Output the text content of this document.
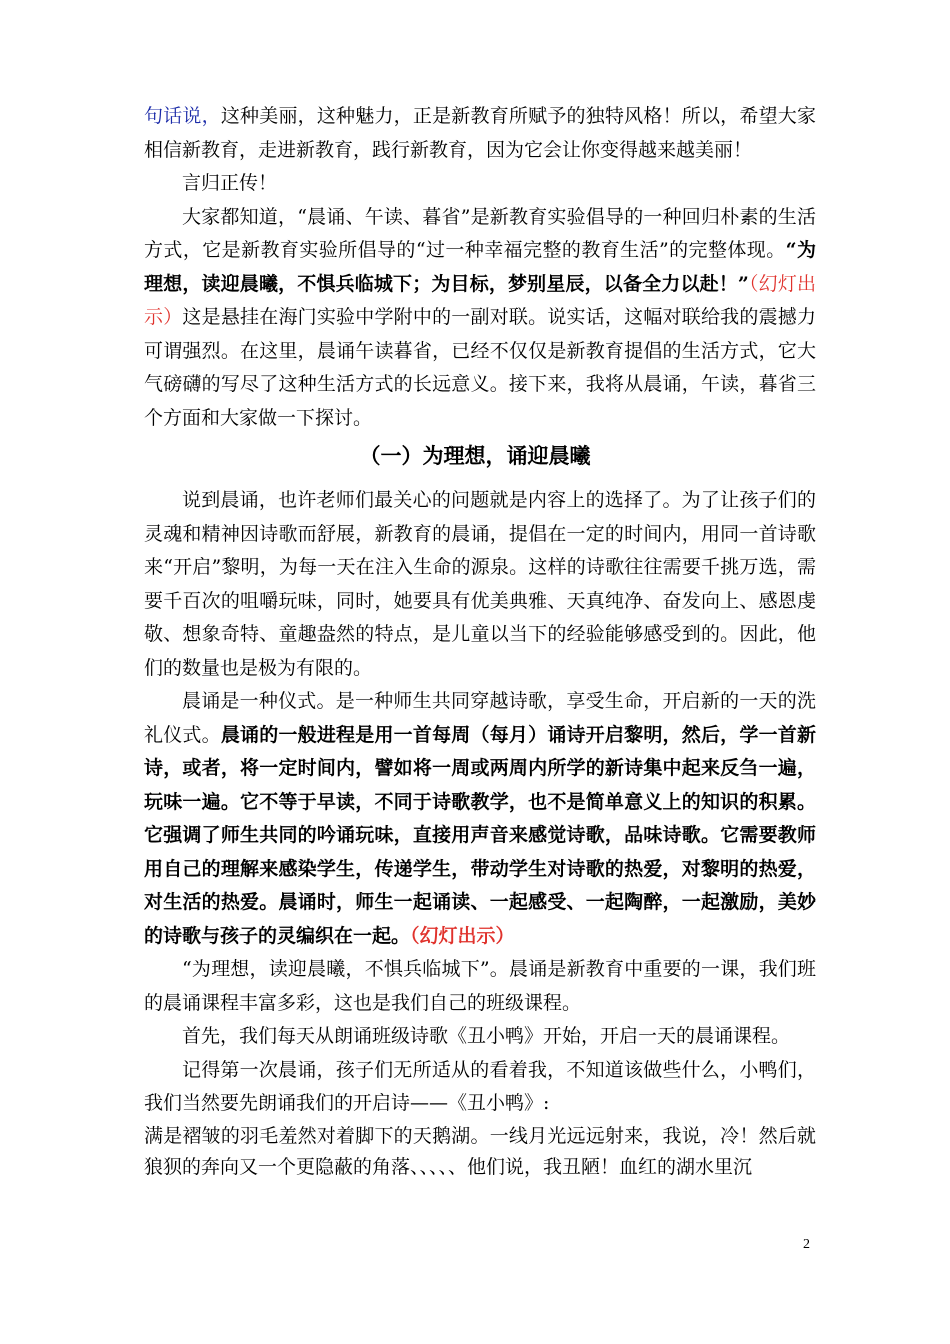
句话说，这种美丽，这种魅力，正是新教育所赋予的独特风格！所以，希望大家相信新教育，走进新教育，践行新教育，因为它会让你变得越来越美丽！

言归正传！

大家都知道，“晨诵、午读、暮省”是新教育实验倡导的一种回归朴素的生活方式，它是新教育实验所倡导的“过一种幸福完整的教育生活”的完整体现。“为理想，读迎晨曦，不惧兵临城下；为目标，梦别星辰，以备全力以赴！”（幻灯出示）这是悬挂在海门实验中学附中的一副对联。说实话，这幅对联给我的震撼力可谓强烈。在这里，晨诵午读暮省，已经不仅仅是新教育提倡的生活方式，它大气磅礴的写尽了这种生活方式的长远意义。接下来，我将从晨诵，午读，暮省三个方面和大家做一下探讨。

（一）为理想，诵迎晨曦

说到晨诵，也许老师们最关心的问题就是内容上的选择了。为了让孩子们的灵魂和精神因诗歌而舒展，新教育的晨诵，提倡在一定的时间内，用同一首诗歌来“开启”黎明，为每一天在注入生命的源泉。这样的诗歌往往需要千挑万选，需要千百次的咀嚼玩味，同时，她要具有优美典雅、天真纯净、奋发向上、感恩虔敬、想象奇特、童趣盎然的特点，是儿童以当下的经验能够感受到的。因此，他们的数量也是极为有限的。

晨诵是一种仪式。是一种师生共同穿越诗歌，享受生命，开启新的一天的洗礼仪式。晨诵的一般进程是用一首每周（每月）诵诗开启黎明，然后，学一首新诗，或者，将一定时间内，譬如将一周或两周内所学的新诗集中起来反刍一遍，玩味一遍。它不等于早读，不同于诗歌教学，也不是简单意义上的知识的积累。它强调了师生共同的吟诵玩味，直接用声音来感觉诗歌，品味诗歌。它需要教师用自己的理解来感染学生，传递学生，带动学生对诗歌的热爱，对黎明的热爱，对生活的热爱。晨诵时，师生一起诵读、一起感受、一起陶醉，一起激励，美妙的诗歌与孩子的灵编织在一起。（幻灯出示）

“为理想，读迎晨曦，不惧兵临城下”。晨诵是新教育中重要的一课，我们班的晨诵课程丰富多彩，这也是我们自己的班级课程。

首先，我们每天从朗诵班级诗歌《丑小鸭》开始，开启一天的晨诵课程。

记得第一次晨诵，孩子们无所适从的看着我，不知道该做些什么，小鸭们，我们当然要先朗诵我们的开启诗——《丑小鸭》:

满是褶皱的羽毛羞然对着脚下的天鹅湖。一线月光远远射来，我说，冷！然后就狼狈的奔向又一个更隐蔽的角落、、、、、他们说，我丑陋！血红的湖水里沉

2
